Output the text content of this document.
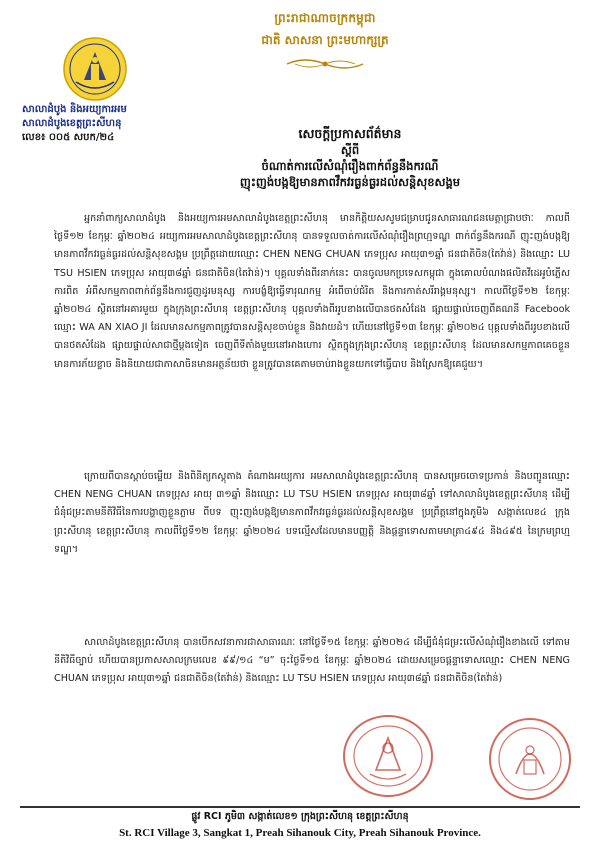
ព្រះរាជាណាចក្រកម្ពុជា
ជាតិ សាសនា ព្រះមហាក្សត្រ
សាលាដំបូង និងអយ្យការអម
សាលាដំបូងខេត្តព្រះសីហនុ
លេខ៖ ០០៥ សបក/២៤	សេចក្ដីប្រកាសព័ត៌មាន
ស្ដីពី
ចំណាត់ការលើសំណុំរឿងពាក់ព័ន្ធនឹងករណី
ញុះញង់បង្កឱ្យមានភាពវឹកវរធ្ងន់ធ្ងរដល់សន្តិសុខសង្គម
អ្នកនាំពាក្យសាលាដំបូង និងអយ្យការអមសាលាដំបូងខេត្តព្រះសីហនុ មានកិត្តិយសសូមជម្រាបជូនសាធារណជនមេត្តាជ្រាបថាៈ កាលពីថ្ងៃទី១២ ខែកុម្ភៈ ឆ្នាំ២០២៤ អយ្យការអមសាលាដំបូងខេត្តព្រះសីហនុ បានទទួលចាត់ការលើសំណុំរឿងព្រហ្មទណ្ឌ ពាក់ព័ន្ធនឹងករណី ញុះញង់បង្កឱ្យមានភាពវឹកវរធ្ងន់ធ្ងរដល់សន្តិសុខសង្គម ប្រព្រឹត្តដោយឈ្មោះ CHEN NENG CHUAN ភេទប្រុស អាយុ៣១ឆ្នាំ ជនជាតិចិន(តៃវ៉ាន់) និងឈ្មោះ LU TSU HSIEN ភេទប្រុស អាយុ៣៨ឆ្នាំ ជនជាតិចិន(តៃវ៉ាន់)។ បុគ្គលទាំងពីរនាក់នេះ បានចូលមកប្រទេសកម្ពុជា ក្នុងគោលបំណងផលិតវីដេអូបំភ្លើសការពិត អំពីសកម្មភាពពាក់ព័ន្ធនឹងការជួញដូរមនុស្ស ការបង្ខំឱ្យធ្វើទារុណកម្ម អំពើចាប់ជំរិត និងការកាត់សរីរាង្គមនុស្ស។ កាលពីថ្ងៃទី១២ ខែកុម្ភៈ ឆ្នាំ២០២៤ ស្ថិតនៅអគារមួយ ក្នុងក្រុងព្រះសីហនុ ខេត្តព្រះសីហនុ បុគ្គលទាំងពីររូបខាងលើបានថតសំដែង ផ្សាយផ្ទាល់ចេញពីគណនី Facebook ឈ្មោះ WA AN XIAO JI ដែលមានសកម្មភាពត្រូវបានសន្តិសុខចាប់ខ្លួន និងវាយដំ។ ហើយនៅថ្ងៃទី១៣ ខែកុម្ភៈ ឆ្នាំ២០២៤ បុគ្គលទាំងពីររូបខាងលើបានថតសំដែង ផ្សាយផ្ទាល់សាជាថ្មីម្ដងទៀត ចេញពីទីតាំងមួយនៅអាងហោរ ស្ថិតក្នុងក្រុងព្រះសីហនុ ខេត្តព្រះសីហនុ ដែលមានសកម្មភាពគេចខ្លួន មានការភ័យខ្លាច និងនិយាយជាភាសាចិនមានអត្ថន័យថា ខ្លួនត្រូវបានគេតាមចាប់រាងខ្លួនយកទៅធ្វើបាប និងស្រែកឱ្យគេជួយ។
ក្រោយពីបានស្ដាប់ចម្លើយ និងពិនិត្យភស្តុតាង តំណាងអយ្យការ អមសាលាដំបូងខេត្តព្រះសីហនុ បានសម្រេចចោទប្រកាន់ និងបញ្ជូនឈ្មោះ CHEN NENG CHUAN ភេទប្រុស អាយុ ៣១ឆ្នាំ និងឈ្មោះ LU TSU HSIEN ភេទប្រុស អាយុ៣៨ឆ្នាំ ទៅសាលាដំបូងខេត្តព្រះសីហនុ ដើម្បីជំនុំជម្រះតាមនីតិវិធីនៃការបង្ហាញខ្លួនភ្លាម ពីបទ ញុះញង់បង្កឱ្យមានភាពវឹកវរធ្ងន់ធ្ងរដល់សន្តិសុខសង្គម ប្រព្រឹត្តនៅក្នុងភូមិ៦ សង្កាត់លេខ៤ ក្រុងព្រះសីហនុ ខេត្តព្រះសីហនុ កាលពីថ្ងៃទី១២ ខែកុម្ភៈ ឆ្នាំ២០២៤ បទល្មើសដែលមានបញ្ញត្តិ និងផ្ដន្ទាទោសតាមមាត្រា៤៩៤ និង៤៩៥ នៃក្រមព្រហ្មទណ្ឌ។
សាលាដំបូងខេត្តព្រះសីហនុ បានបើកសវនាការជាសាធារណៈ នៅថ្ងៃទី១៥ ខែកុម្ភៈ ឆ្នាំ២០២៤ ដើម្បីជំនុំជម្រះលើសំណុំរឿងខាងលើ ទៅតាមនីតិវិធីច្បាប់ ហើយបានប្រកាសសាលក្រមលេខ ៩៩/១៤ “ម” ចុះថ្ងៃទី១៥ ខែកុម្ភៈ ឆ្នាំ២០២៤ ដោយសម្រេចផ្ដន្ទាទោសឈ្មោះ CHEN NENG CHUAN ភេទប្រុស អាយុ៣១ឆ្នាំ ជនជាតិចិន(តៃវ៉ាន់) និងឈ្មោះ LU TSU HSIEN ភេទប្រុស អាយុ៣៨ឆ្នាំ ជនជាតិចិន(តៃវ៉ាន់)
ផ្លូវ RCI ភូមិ៣ សង្កាត់លេខ១ ក្រុងព្រះសីហនុ ខេត្តព្រះសីហនុ
St. RCI Village 3, Sangkat 1, Preah Sihanouk City, Preah Sihanouk Province.
